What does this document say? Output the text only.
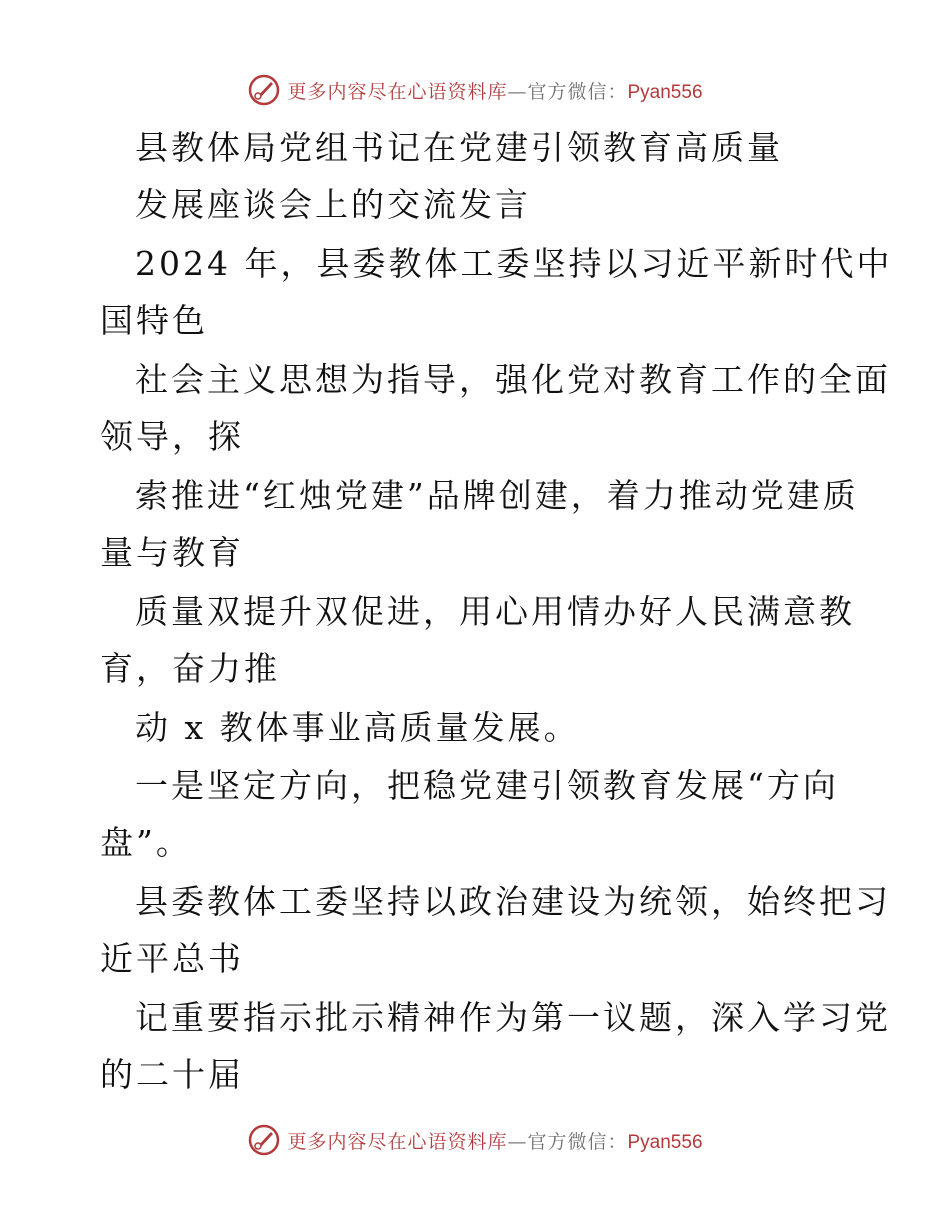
更多内容尽在心语资料库—官方微信：Pyan556
县教体局党组书记在党建引领教育高质量
发展座谈会上的交流发言
2024 年，县委教体工委坚持以习近平新时代中
国特色
社会主义思想为指导，强化党对教育工作的全面
领导，探
索推进“红烛党建”品牌创建，着力推动党建质
量与教育
质量双提升双促进，用心用情办好人民满意教
育，奋力推
动 x 教体事业高质量发展。
一是坚定方向，把稳党建引领教育发展“方向
盘”。
县委教体工委坚持以政治建设为统领，始终把习
近平总书
记重要指示批示精神作为第一议题，深入学习党
的二十届
更多内容尽在心语资料库—官方微信：Pyan556
